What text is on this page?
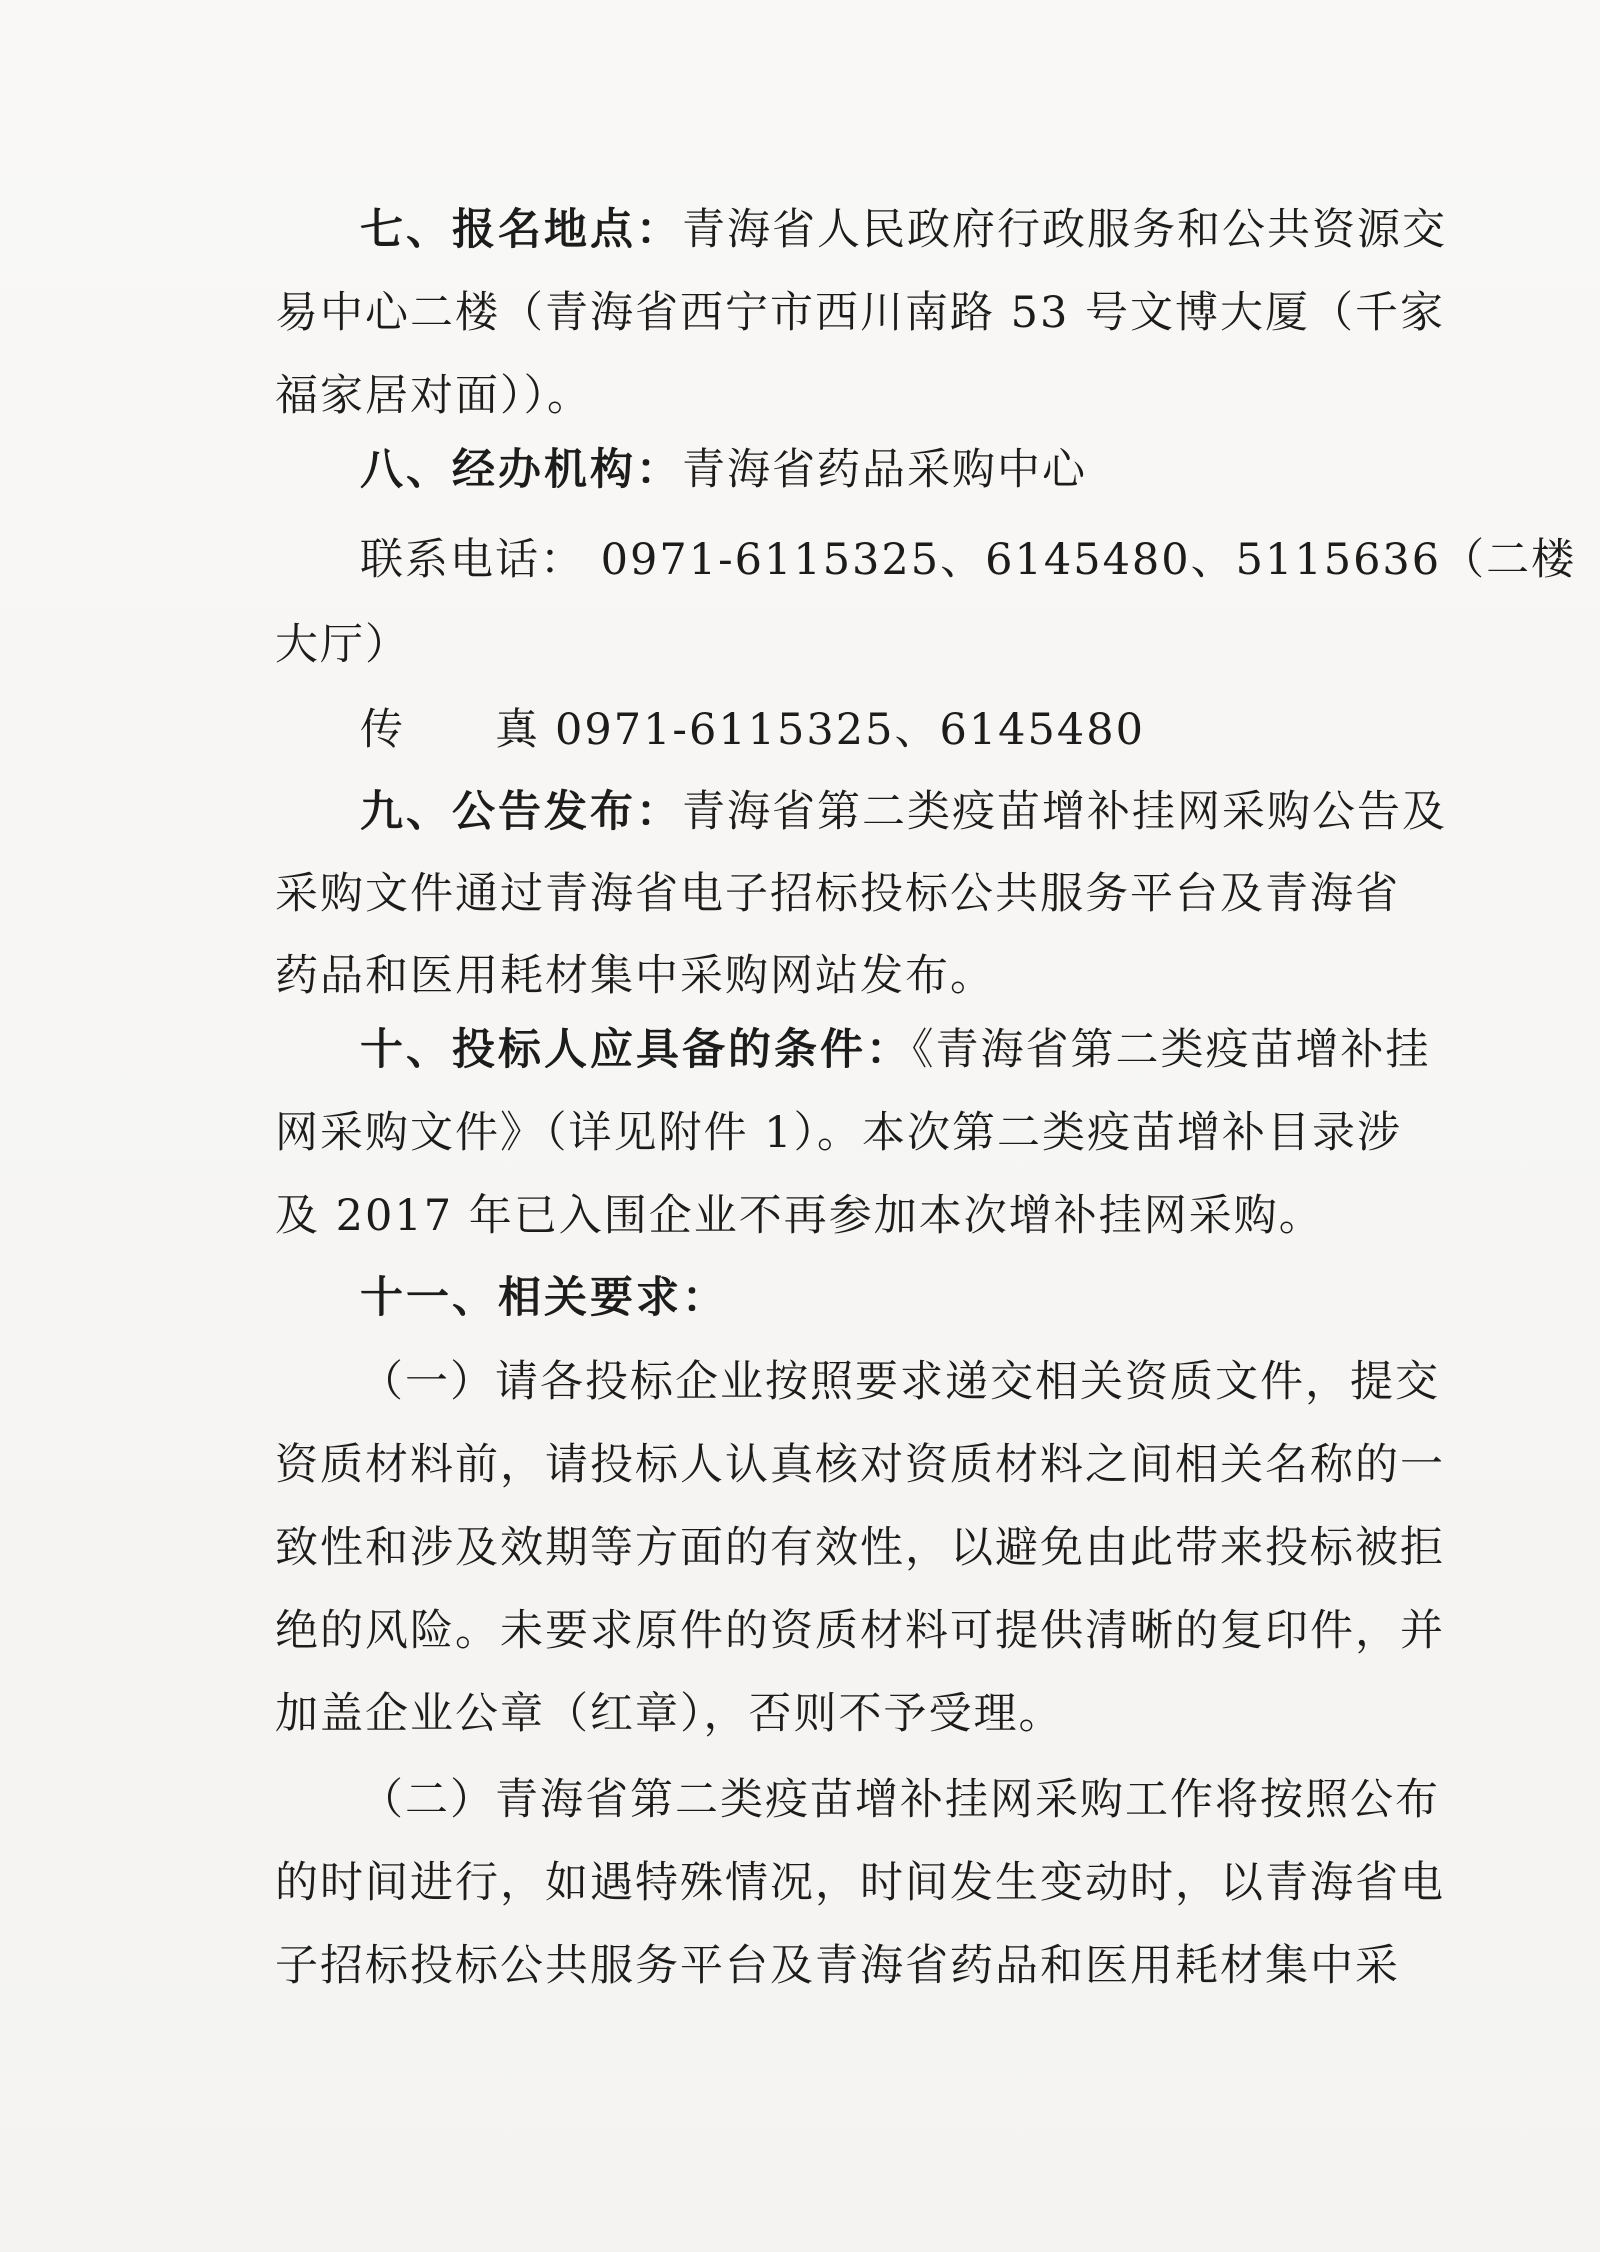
七、报名地点：青海省人民政府行政服务和公共资源交
易中心二楼（青海省西宁市西川南路 53 号文博大厦（千家
福家居对面））。
八、经办机构：青海省药品采购中心
联系电话： 0971-6115325、6145480、5115636（二楼
大厅）
传　　真：0971-6115325、6145480
九、公告发布：青海省第二类疫苗增补挂网采购公告及
采购文件通过青海省电子招标投标公共服务平台及青海省
药品和医用耗材集中采购网站发布。
十、投标人应具备的条件：《青海省第二类疫苗增补挂
网采购文件》（详见附件 1）。本次第二类疫苗增补目录涉
及 2017 年已入围企业不再参加本次增补挂网采购。
十一、相关要求：
（一）请各投标企业按照要求递交相关资质文件，提交
资质材料前，请投标人认真核对资质材料之间相关名称的一
致性和涉及效期等方面的有效性，以避免由此带来投标被拒
绝的风险。未要求原件的资质材料可提供清晰的复印件，并
加盖企业公章（红章），否则不予受理。
（二）青海省第二类疫苗增补挂网采购工作将按照公布
的时间进行，如遇特殊情况，时间发生变动时，以青海省电
子招标投标公共服务平台及青海省药品和医用耗材集中采
